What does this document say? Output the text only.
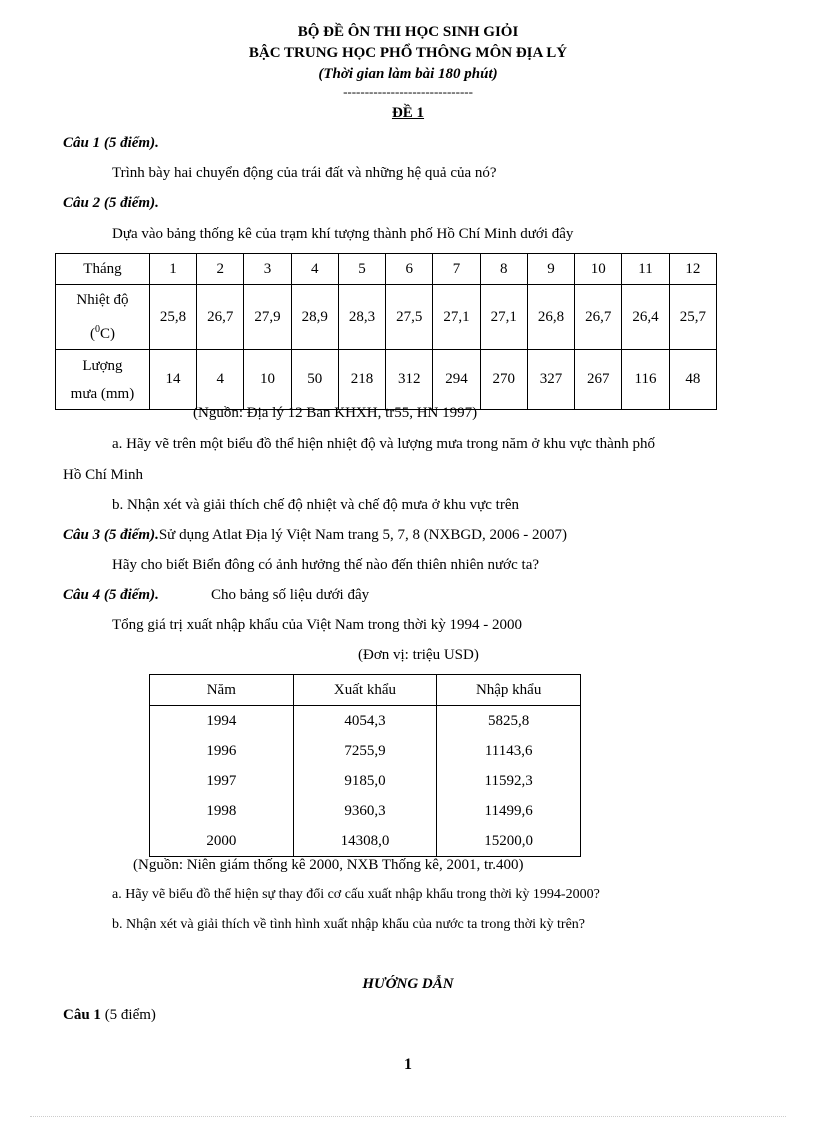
BỘ ĐỀ ÔN THI HỌC SINH GIỎI
BẬC TRUNG HỌC PHỔ THÔNG MÔN ĐỊA LÝ
(Thời gian làm bài 180 phút)
------------------------------
ĐỀ 1
Câu 1 (5 điểm).
Trình bày hai chuyển động của trái đất và những hệ quả của nó?
Câu 2 (5 điểm).
Dựa vào bảng thống kê của trạm khí tượng thành phố Hồ Chí Minh dưới đây
Tháng	1	2	3	4	5	6	7	8	9	10	11	12
Nhiệt độ
($^0$C)	25,8	26,7	27,9	28,9	28,3	27,5	27,1	27,1	26,8	26,7	26,4	25,7
Lượng
mưa (mm)	14	4	10	50	218	312	294	270	327	267	116	48
(Nguồn: Địa lý 12 Ban KHXH, tr55, HN 1997)
a. Hãy vẽ trên một biểu đồ thể hiện nhiệt độ và lượng mưa trong năm ở khu vực thành phố
Hồ Chí Minh
b. Nhận xét và giải thích chế độ nhiệt và chế độ mưa ở khu vực trên
Câu 3 (5 điểm).Sử dụng Atlat Địa lý Việt Nam trang 5, 7, 8 (NXBGD, 2006 - 2007)
Hãy cho biết Biển đông có ảnh hưởng thế nào đến thiên nhiên nước ta?
Câu 4 (5 điểm).	Cho bảng số liệu dưới đây
Tổng giá trị xuất nhập khẩu của Việt Nam trong thời kỳ 1994 - 2000
(Đơn vị: triệu USD)
Năm	Xuất khẩu	Nhập khẩu
1994	4054,3	5825,8
1996	7255,9	11143,6
1997	9185,0	11592,3
1998	9360,3	11499,6
2000	14308,0	15200,0
(Nguồn: Niên giám thống kê 2000, NXB Thống kê, 2001, tr.400)
a. Hãy vẽ biểu đồ thể hiện sự thay đổi cơ cấu xuất nhập khẩu trong thời kỳ 1994-2000?
b. Nhận xét và giải thích về tình hình xuất nhập khẩu của nước ta trong thời kỳ trên?
HƯỚNG DẪN
Câu 1 (5 điểm)
1
